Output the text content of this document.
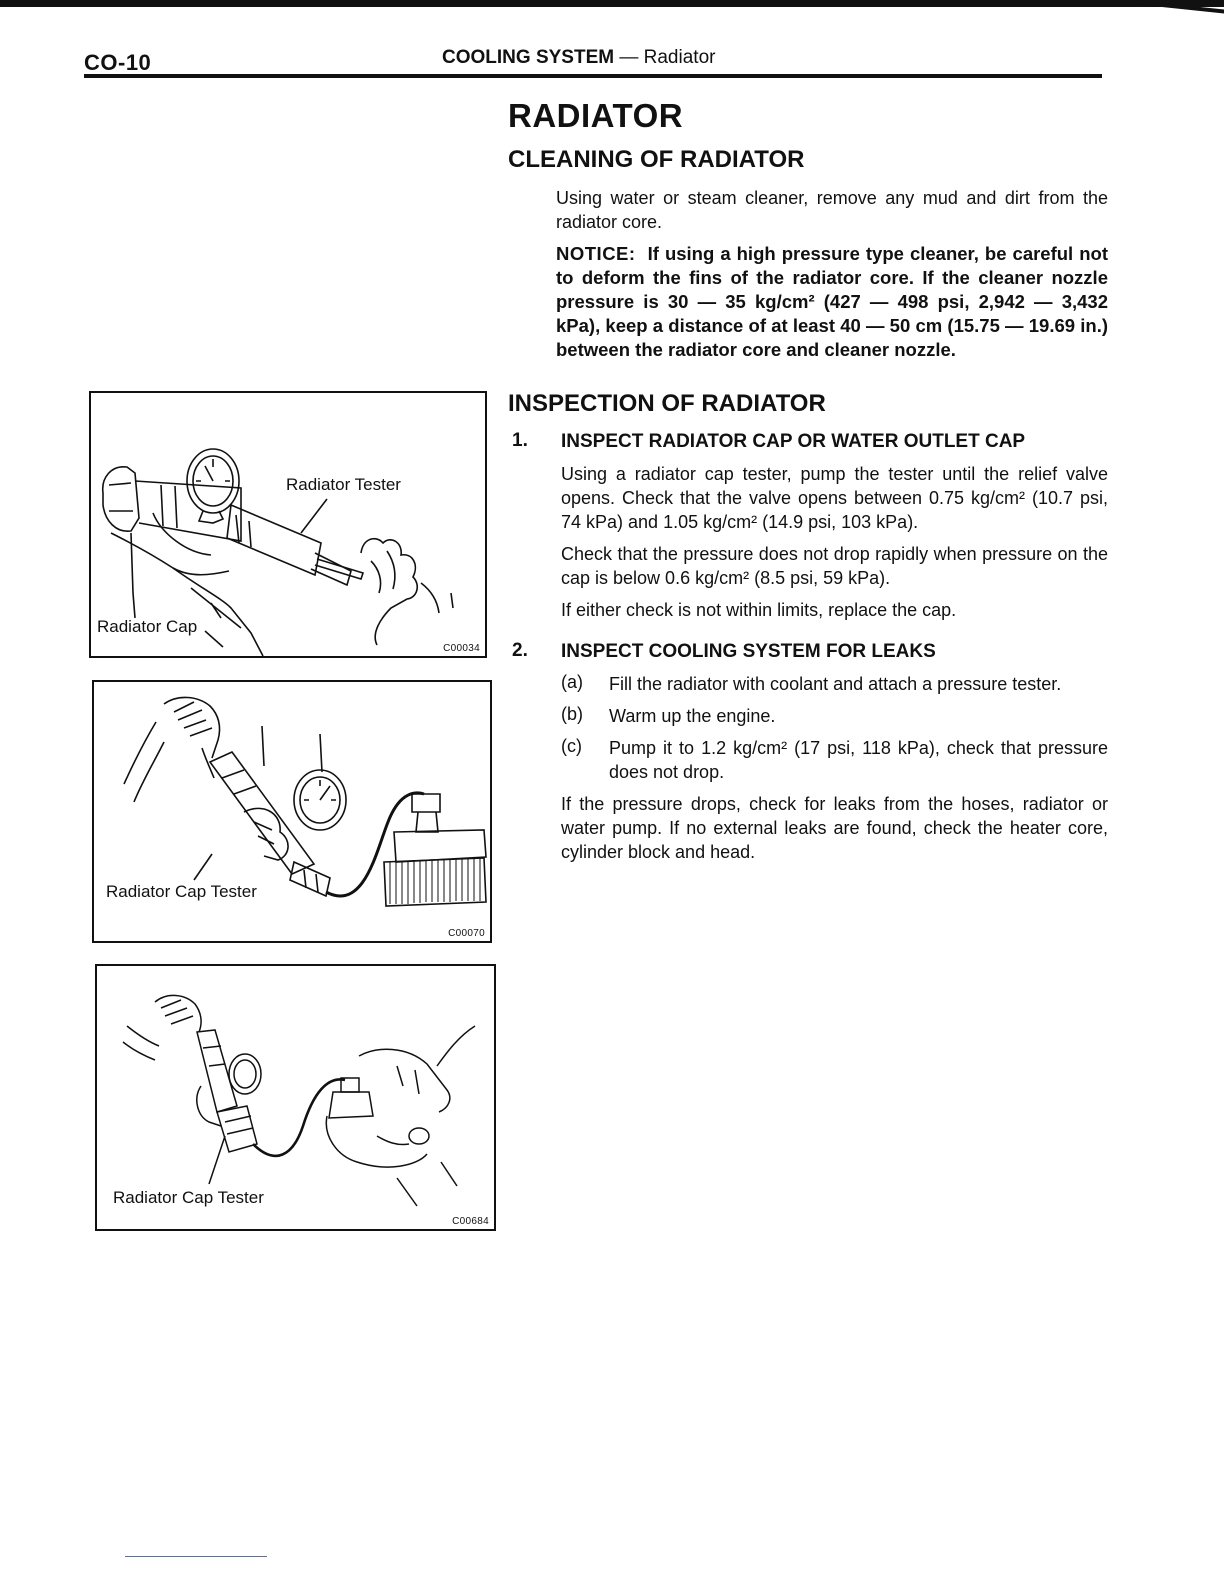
CO-10	COOLING SYSTEM — Radiator
Radiator Tester
Radiator Cap
C00034
Radiator Cap Tester
C00070
Radiator Cap Tester
C00684
RADIATOR
CLEANING OF RADIATOR

Using water or steam cleaner, remove any mud and dirt from the radiator core.

NOTICE: If using a high pressure type cleaner, be careful not to deform the fins of the radiator core. If the cleaner nozzle pressure is 30 — 35 kg/cm² (427 — 498 psi, 2,942 — 3,432 kPa), keep a distance of at least 40 — 50 cm (15.75 — 19.69 in.) between the radiator core and cleaner nozzle.

INSPECTION OF RADIATOR
1. INSPECT RADIATOR CAP OR WATER OUTLET CAP

Using a radiator cap tester, pump the tester until the relief valve opens. Check that the valve opens between 0.75 kg/cm² (10.7 psi, 74 kPa) and 1.05 kg/cm² (14.9 psi, 103 kPa).

Check that the pressure does not drop rapidly when pressure on the cap is below 0.6 kg/cm² (8.5 psi, 59 kPa).

If either check is not within limits, replace the cap.

2. INSPECT COOLING SYSTEM FOR LEAKS
(a) Fill the radiator with coolant and attach a pressure tester.
(b) Warm up the engine.
(c) Pump it to 1.2 kg/cm² (17 psi, 118 kPa), check that pressure does not drop.

If the pressure drops, check for leaks from the hoses, radiator or water pump. If no external leaks are found, check the heater core, cylinder block and head.
